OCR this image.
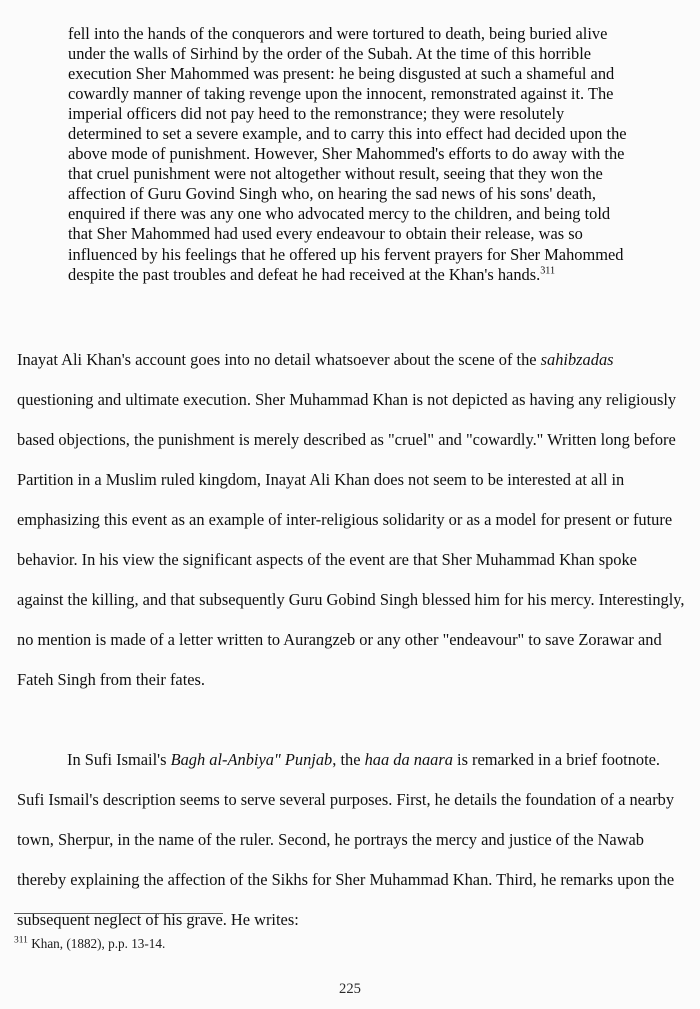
fell into the hands of the conquerors and were tortured to death, being buried alive under the walls of Sirhind by the order of the Subah. At the time of this horrible execution Sher Mahommed was present: he being disgusted at such a shameful and cowardly manner of taking revenge upon the innocent, remonstrated against it. The imperial officers did not pay heed to the remonstrance; they were resolutely determined to set a severe example, and to carry this into effect had decided upon the above mode of punishment. However, Sher Mahommed's efforts to do away with the that cruel punishment were not altogether without result, seeing that they won the affection of Guru Govind Singh who, on hearing the sad news of his sons' death, enquired if there was any one who advocated mercy to the children, and being told that Sher Mahommed had used every endeavour to obtain their release, was so influenced by his feelings that he offered up his fervent prayers for Sher Mahommed despite the past troubles and defeat he had received at the Khan's hands.$^{311}$

Inayat Ali Khan's account goes into no detail whatsoever about the scene of the sahibzadas questioning and ultimate execution. Sher Muhammad Khan is not depicted as having any religiously based objections, the punishment is merely described as "cruel" and "cowardly." Written long before Partition in a Muslim ruled kingdom, Inayat Ali Khan does not seem to be interested at all in emphasizing this event as an example of inter-religious solidarity or as a model for present or future behavior. In his view the significant aspects of the event are that Sher Muhammad Khan spoke against the killing, and that subsequently Guru Gobind Singh blessed him for his mercy. Interestingly, no mention is made of a letter written to Aurangzeb or any other "endeavour" to save Zorawar and Fateh Singh from their fates.

In Sufi Ismail's Bagh al-Anbiya" Punjab, the haa da naara is remarked in a brief footnote. Sufi Ismail's description seems to serve several purposes. First, he details the foundation of a nearby town, Sherpur, in the name of the ruler. Second, he portrays the mercy and justice of the Nawab thereby explaining the affection of the Sikhs for Sher Muhammad Khan. Third, he remarks upon the subsequent neglect of his grave. He writes:

$^{311}$ Khan, (1882), p.p. 13-14.
225
